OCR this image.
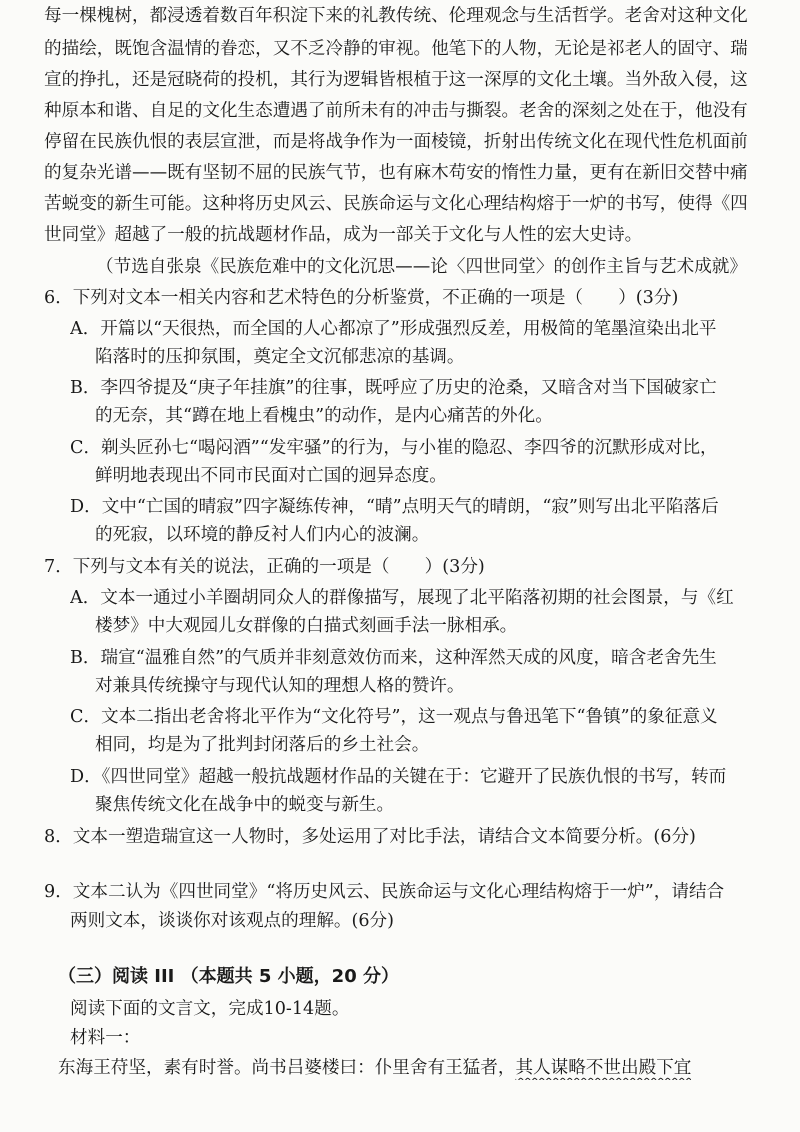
每一棵槐树，都浸透着数百年积淀下来的礼教传统、伦理观念与生活哲学。老舍对这种文化
的描绘，既饱含温情的眷恋，又不乏冷静的审视。他笔下的人物，无论是祁老人的固守、瑞
宣的挣扎，还是冠晓荷的投机，其行为逻辑皆根植于这一深厚的文化土壤。当外敌入侵，这
种原本和谐、自足的文化生态遭遇了前所未有的冲击与撕裂。老舍的深刻之处在于，他没有
停留在民族仇恨的表层宣泄，而是将战争作为一面棱镜，折射出传统文化在现代性危机面前
的复杂光谱——既有坚韧不屈的民族气节，也有麻木苟安的惰性力量，更有在新旧交替中痛
苦蜕变的新生可能。这种将历史风云、民族命运与文化心理结构熔于一炉的书写，使得《四
世同堂》超越了一般的抗战题材作品，成为一部关于文化与人性的宏大史诗。
（节选自张泉《民族危难中的文化沉思——论〈四世同堂〉的创作主旨与艺术成就》
6．下列对文本一相关内容和艺术特色的分析鉴赏，不正确的一项是（　　）(3分)
A．开篇以“天很热，而全国的人心都凉了”形成强烈反差，用极简的笔墨渲染出北平
陷落时的压抑氛围，奠定全文沉郁悲凉的基调。
B．李四爷提及“庚子年挂旗”的往事，既呼应了历史的沧桑，又暗含对当下国破家亡
的无奈，其“蹲在地上看槐虫”的动作，是内心痛苦的外化。
C．剃头匠孙七“喝闷酒”“发牢骚”的行为，与小崔的隐忍、李四爷的沉默形成对比，
鲜明地表现出不同市民面对亡国的迥异态度。
D．文中“亡国的晴寂”四字凝练传神，“晴”点明天气的晴朗，“寂”则写出北平陷落后
的死寂，以环境的静反衬人们内心的波澜。
7．下列与文本有关的说法，正确的一项是（　　）(3分)
A．文本一通过小羊圈胡同众人的群像描写，展现了北平陷落初期的社会图景，与《红
楼梦》中大观园儿女群像的白描式刻画手法一脉相承。
B．瑞宣“温雅自然”的气质并非刻意效仿而来，这种浑然天成的风度，暗含老舍先生
对兼具传统操守与现代认知的理想人格的赞许。
C．文本二指出老舍将北平作为“文化符号”，这一观点与鲁迅笔下“鲁镇”的象征意义
相同，均是为了批判封闭落后的乡土社会。
D．《四世同堂》超越一般抗战题材作品的关键在于：它避开了民族仇恨的书写，转而
聚焦传统文化在战争中的蜕变与新生。
8．文本一塑造瑞宣这一人物时，多处运用了对比手法，请结合文本简要分析。(6分)
9．文本二认为《四世同堂》“将历史风云、民族命运与文化心理结构熔于一炉”，请结合
两则文本，谈谈你对该观点的理解。(6分)
（三）阅读 III （本题共 5 小题，20 分）
阅读下面的文言文，完成10-14题。
材料一：
东海王苻坚，素有时誉。尚书吕婆楼曰：仆里舍有王猛者，其人谋略不世出殿下宜
